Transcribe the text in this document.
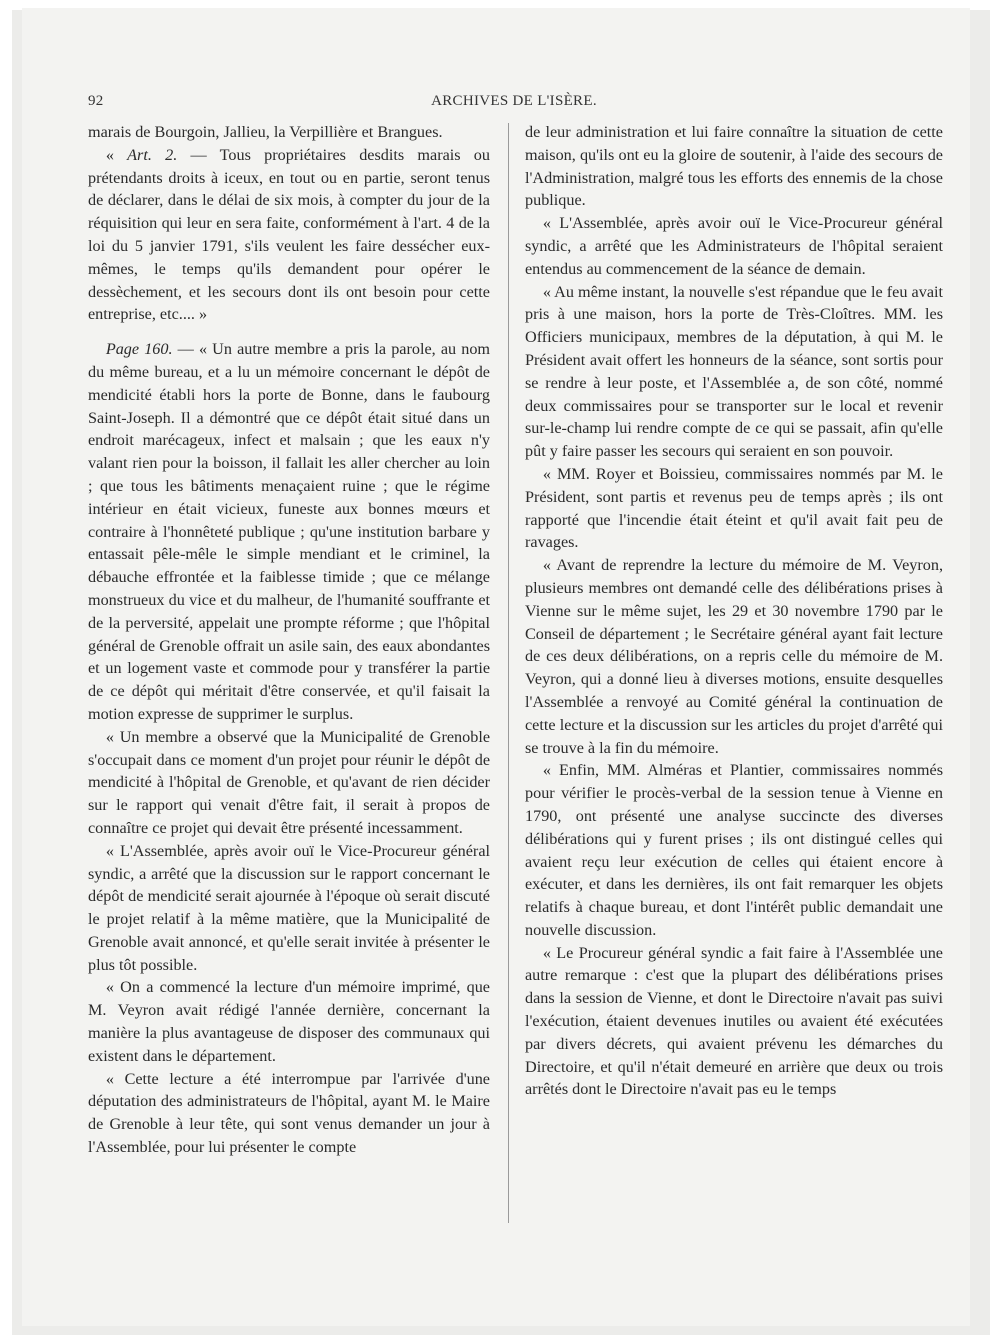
92	ARCHIVES DE L'ISÈRE.

marais de Bourgoin, Jallieu, la Verpillière et Brangues.

« Art. 2. — Tous propriétaires desdits marais ou prétendants droits à iceux, en tout ou en partie, seront tenus de déclarer, dans le délai de six mois, à compter du jour de la réquisition qui leur en sera faite, conformément à l'art. 4 de la loi du 5 janvier 1791, s'ils veulent les faire dessécher eux-mêmes, le temps qu'ils demandent pour opérer le dessèchement, et les secours dont ils ont besoin pour cette entreprise, etc.... »

Page 160. — « Un autre membre a pris la parole, au nom du même bureau, et a lu un mémoire concernant le dépôt de mendicité établi hors la porte de Bonne, dans le faubourg Saint-Joseph. Il a démontré que ce dépôt était situé dans un endroit marécageux, infect et malsain ; que les eaux n'y valant rien pour la boisson, il fallait les aller chercher au loin ; que tous les bâtiments menaçaient ruine ; que le régime intérieur en était vicieux, funeste aux bonnes mœurs et contraire à l'honnêteté publique ; qu'une institution barbare y entassait pêle-mêle le simple mendiant et le criminel, la débauche effrontée et la faiblesse timide ; que ce mélange monstrueux du vice et du malheur, de l'humanité souffrante et de la perversité, appelait une prompte réforme ; que l'hôpital général de Grenoble offrait un asile sain, des eaux abondantes et un logement vaste et commode pour y transférer la partie de ce dépôt qui méritait d'être conservée, et qu'il faisait la motion expresse de supprimer le surplus.

« Un membre a observé que la Municipalité de Grenoble s'occupait dans ce moment d'un projet pour réunir le dépôt de mendicité à l'hôpital de Grenoble, et qu'avant de rien décider sur le rapport qui venait d'être fait, il serait à propos de connaître ce projet qui devait être présenté incessamment.

« L'Assemblée, après avoir ouï le Vice-Procureur général syndic, a arrêté que la discussion sur le rapport concernant le dépôt de mendicité serait ajournée à l'époque où serait discuté le projet relatif à la même matière, que la Municipalité de Grenoble avait annoncé, et qu'elle serait invitée à présenter le plus tôt possible.

« On a commencé la lecture d'un mémoire imprimé, que M. Veyron avait rédigé l'année dernière, concernant la manière la plus avantageuse de disposer des communaux qui existent dans le département.

« Cette lecture a été interrompue par l'arrivée d'une députation des administrateurs de l'hôpital, ayant M. le Maire de Grenoble à leur tête, qui sont venus demander un jour à l'Assemblée, pour lui présenter le compte

de leur administration et lui faire connaître la situation de cette maison, qu'ils ont eu la gloire de soutenir, à l'aide des secours de l'Administration, malgré tous les efforts des ennemis de la chose publique.

« L'Assemblée, après avoir ouï le Vice-Procureur général syndic, a arrêté que les Administrateurs de l'hôpital seraient entendus au commencement de la séance de demain.

« Au même instant, la nouvelle s'est répandue que le feu avait pris à une maison, hors la porte de Très-Cloîtres. MM. les Officiers municipaux, membres de la députation, à qui M. le Président avait offert les honneurs de la séance, sont sortis pour se rendre à leur poste, et l'Assemblée a, de son côté, nommé deux commissaires pour se transporter sur le local et revenir sur-le-champ lui rendre compte de ce qui se passait, afin qu'elle pût y faire passer les secours qui seraient en son pouvoir.

« MM. Royer et Boissieu, commissaires nommés par M. le Président, sont partis et revenus peu de temps après ; ils ont rapporté que l'incendie était éteint et qu'il avait fait peu de ravages.

« Avant de reprendre la lecture du mémoire de M. Veyron, plusieurs membres ont demandé celle des délibérations prises à Vienne sur le même sujet, les 29 et 30 novembre 1790 par le Conseil de département ; le Secrétaire général ayant fait lecture de ces deux délibérations, on a repris celle du mémoire de M. Veyron, qui a donné lieu à diverses motions, ensuite desquelles l'Assemblée a renvoyé au Comité général la continuation de cette lecture et la discussion sur les articles du projet d'arrêté qui se trouve à la fin du mémoire.

« Enfin, MM. Alméras et Plantier, commissaires nommés pour vérifier le procès-verbal de la session tenue à Vienne en 1790, ont présenté une analyse succincte des diverses délibérations qui y furent prises ; ils ont distingué celles qui avaient reçu leur exécution de celles qui étaient encore à exécuter, et dans les dernières, ils ont fait remarquer les objets relatifs à chaque bureau, et dont l'intérêt public demandait une nouvelle discussion.

« Le Procureur général syndic a fait faire à l'Assemblée une autre remarque : c'est que la plupart des délibérations prises dans la session de Vienne, et dont le Directoire n'avait pas suivi l'exécution, étaient devenues inutiles ou avaient été exécutées par divers décrets, qui avaient prévenu les démarches du Directoire, et qu'il n'était demeuré en arrière que deux ou trois arrêtés dont le Directoire n'avait pas eu le temps
